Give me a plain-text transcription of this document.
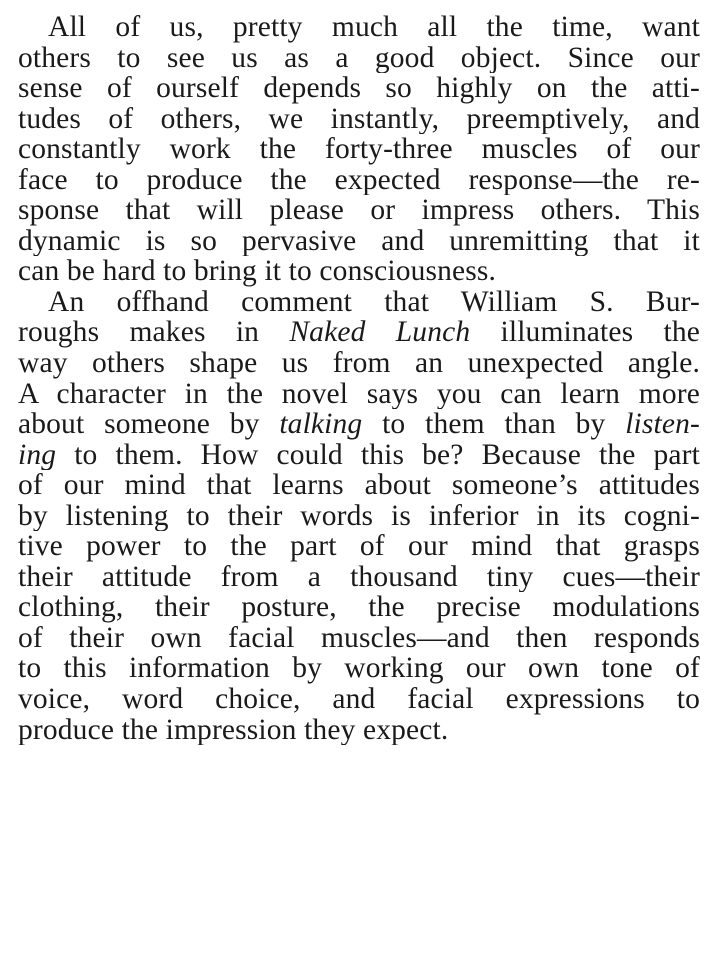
All of us, pretty much all the time, want
others to see us as a good object. Since our
sense of ourself depends so highly on the atti-
tudes of others, we instantly, preemptively, and
constantly work the forty-three muscles of our
face to produce the expected response—the re-
sponse that will please or impress others. This
dynamic is so pervasive and unremitting that it
can be hard to bring it to consciousness.
An offhand comment that William S. Bur-
roughs makes in Naked Lunch illuminates the
way others shape us from an unexpected angle.
A character in the novel says you can learn more
about someone by talking to them than by listen-
ing to them. How could this be? Because the part
of our mind that learns about someone’s attitudes
by listening to their words is inferior in its cogni-
tive power to the part of our mind that grasps
their attitude from a thousand tiny cues—their
clothing, their posture, the precise modulations
of their own facial muscles—and then responds
to this information by working our own tone of
voice, word choice, and facial expressions to
produce the impression they expect.
